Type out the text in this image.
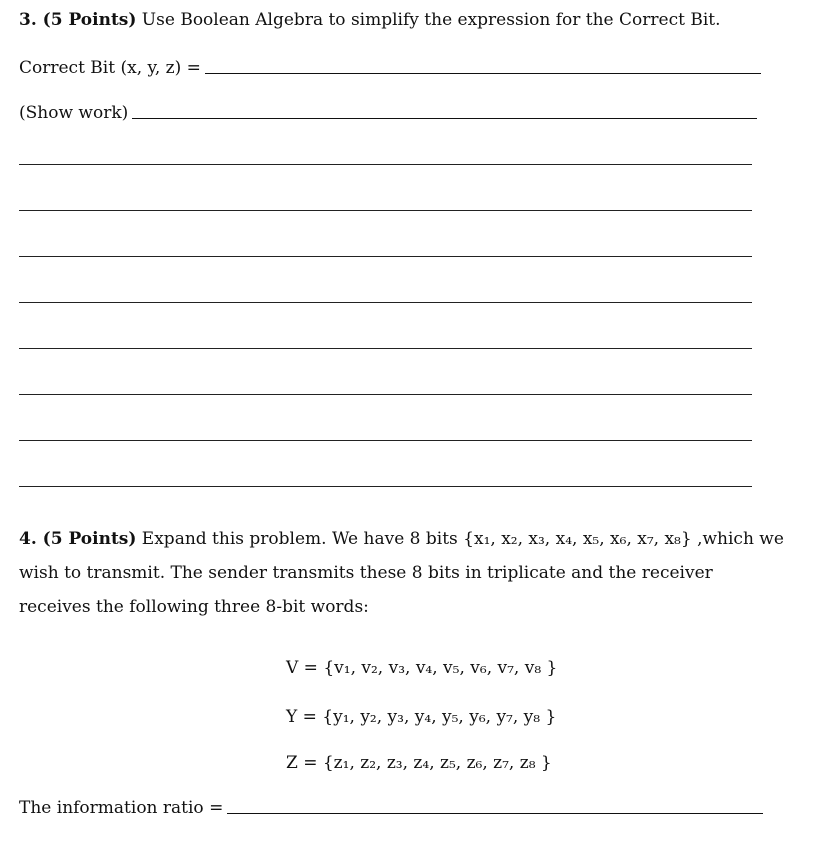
3. (5 Points) Use Boolean Algebra to simplify the expression for the Correct Bit.
Correct Bit (x, y, z) =
(Show work)
4. (5 Points) Expand this problem. We have 8 bits {x₁, x₂, x₃, x₄, x₅, x₆, x₇, x₈} ,which we wish to transmit. The sender transmits these 8 bits in triplicate and the receiver receives the following three 8-bit words:
V = {v₁, v₂, v₃, v₄, v₅, v₆, v₇, v₈ }
Y = {y₁, y₂, y₃, y₄, y₅, y₆, y₇, y₈ }
Z = {z₁, z₂, z₃, z₄, z₅, z₆, z₇, z₈ }
The information ratio =
